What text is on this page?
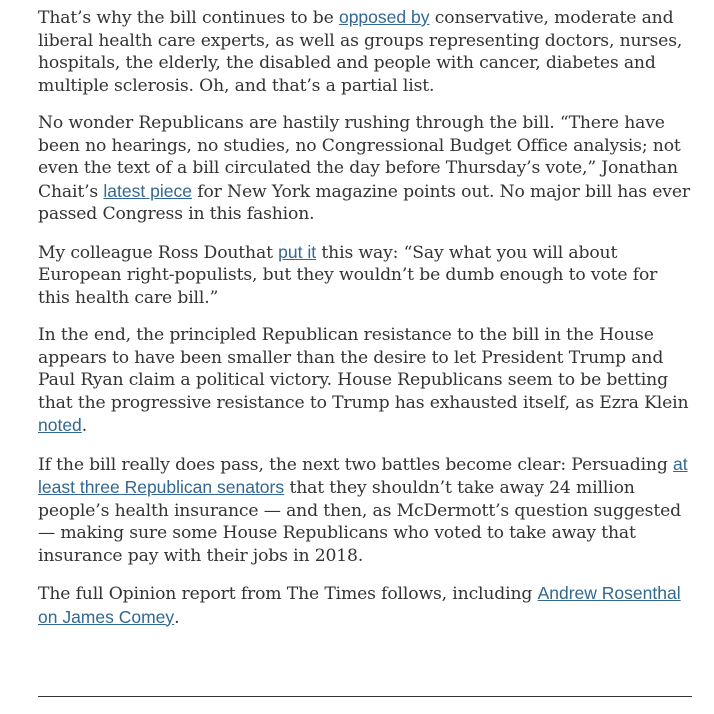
That’s why the bill continues to be opposed by conservative, moderate and liberal health care experts, as well as groups representing doctors, nurses, hospitals, the elderly, the disabled and people with cancer, diabetes and multiple sclerosis. Oh, and that’s a partial list.

No wonder Republicans are hastily rushing through the bill. “There have been no hearings, no studies, no Congressional Budget Office analysis; not even the text of a bill circulated the day before Thursday’s vote,” Jonathan Chait’s latest piece for New York magazine points out. No major bill has ever passed Congress in this fashion.

My colleague Ross Douthat put it this way: “Say what you will about European right-populists, but they wouldn’t be dumb enough to vote for this health care bill.”

In the end, the principled Republican resistance to the bill in the House appears to have been smaller than the desire to let President Trump and Paul Ryan claim a political victory. House Republicans seem to be betting that the progressive resistance to Trump has exhausted itself, as Ezra Klein noted.

If the bill really does pass, the next two battles become clear: Persuading at least three Republican senators that they shouldn’t take away 24 million people’s health insurance — and then, as McDermott’s question suggested — making sure some House Republicans who voted to take away that insurance pay with their jobs in 2018.

The full Opinion report from The Times follows, including Andrew Rosenthal on James Comey.
